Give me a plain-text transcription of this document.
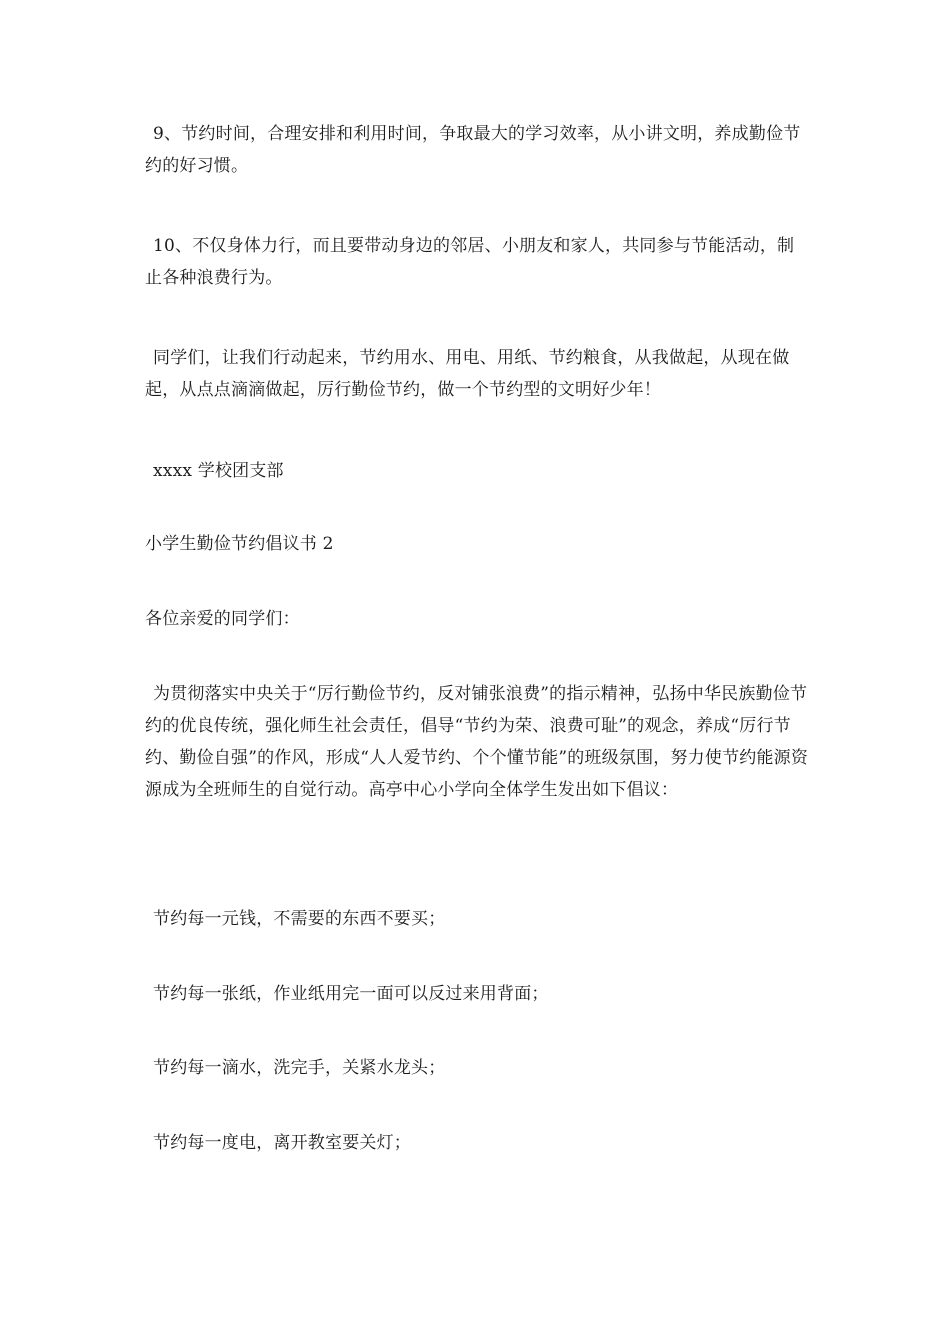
9、节约时间，合理安排和利用时间，争取最大的学习效率，从小讲文明，养成勤俭节约的好习惯。

10、不仅身体力行，而且要带动身边的邻居、小朋友和家人，共同参与节能活动，制止各种浪费行为。

同学们，让我们行动起来，节约用水、用电、用纸、节约粮食，从我做起，从现在做起，从点点滴滴做起，厉行勤俭节约，做一个节约型的文明好少年！

xxxx 学校团支部

小学生勤俭节约倡议书 2

各位亲爱的同学们：

为贯彻落实中央关于“厉行勤俭节约，反对铺张浪费”的指示精神，弘扬中华民族勤俭节约的优良传统，强化师生社会责任，倡导“节约为荣、浪费可耻”的观念，养成“厉行节约、勤俭自强”的作风，形成“人人爱节约、个个懂节能”的班级氛围，努力使节约能源资源成为全班师生的自觉行动。高亭中心小学向全体学生发出如下倡议：

节约每一元钱，不需要的东西不要买；

节约每一张纸，作业纸用完一面可以反过来用背面；

节约每一滴水，洗完手，关紧水龙头；

节约每一度电，离开教室要关灯；
